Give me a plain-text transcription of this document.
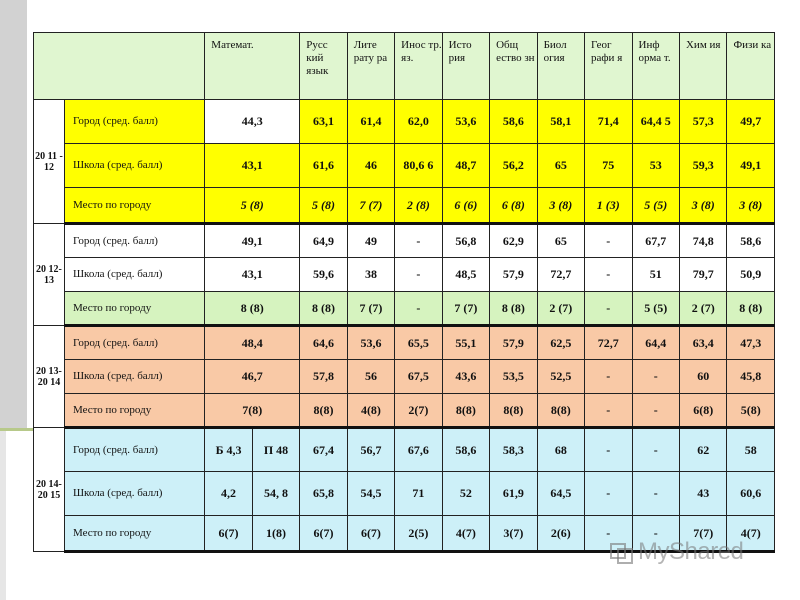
		Математ.		Русс кий язык	Лите рату ра	Инос тр. яз.	Исто рия	Общ ество зн	Биол огия	Геог рафи я	Инф орма т.	Хим ия	Физи ка
20 11 - 12	Город (сред. балл)	44,3		63,1	61,4	62,0	53,6	58,6	58,1	71,4	64,4 5	57,3	49,7
	Школа (сред. балл)	43,1		61,6	46	80,6 6	48,7	56,2	65	75	53	59,3	49,1
	Место по городу	5 (8)		5 (8)	7 (7)	2 (8)	6 (6)	6 (8)	3 (8)	1 (3)	5 (5)	3 (8)	3 (8)
20 12- 13	Город (сред. балл)	49,1		64,9	49	-	56,8	62,9	65	-	67,7	74,8	58,6
	Школа (сред. балл)	43,1		59,6	38	-	48,5	57,9	72,7	-	51	79,7	50,9
	Место по городу	8 (8)		8 (8)	7 (7)	-	7 (7)	8 (8)	2 (7)	-	5 (5)	2 (7)	8 (8)
20 13- 20 14	Город (сред. балл)	48,4		64,6	53,6	65,5	55,1	57,9	62,5	72,7	64,4	63,4	47,3
	Школа (сред. балл)	46,7		57,8	56	67,5	43,6	53,5	52,5	-	-	60	45,8
	Место по городу	7(8)		8(8)	4(8)	2(7)	8(8)	8(8)	8(8)	-	-	6(8)	5(8)
20 14- 20 15	Город (сред. балл)	Б 4,3	П 48	67,4	56,7	67,6	58,6	58,3	68	-	-	62	58
	Школа (сред. балл)	4,2	54, 8	65,8	54,5	71	52	61,9	64,5	-	-	43	60,6
	Место по городу	6(7)	1(8)	6(7)	6(7)	2(5)	4(7)	3(7)	2(6)	-	-	7(7)	4(7)
MyShared
